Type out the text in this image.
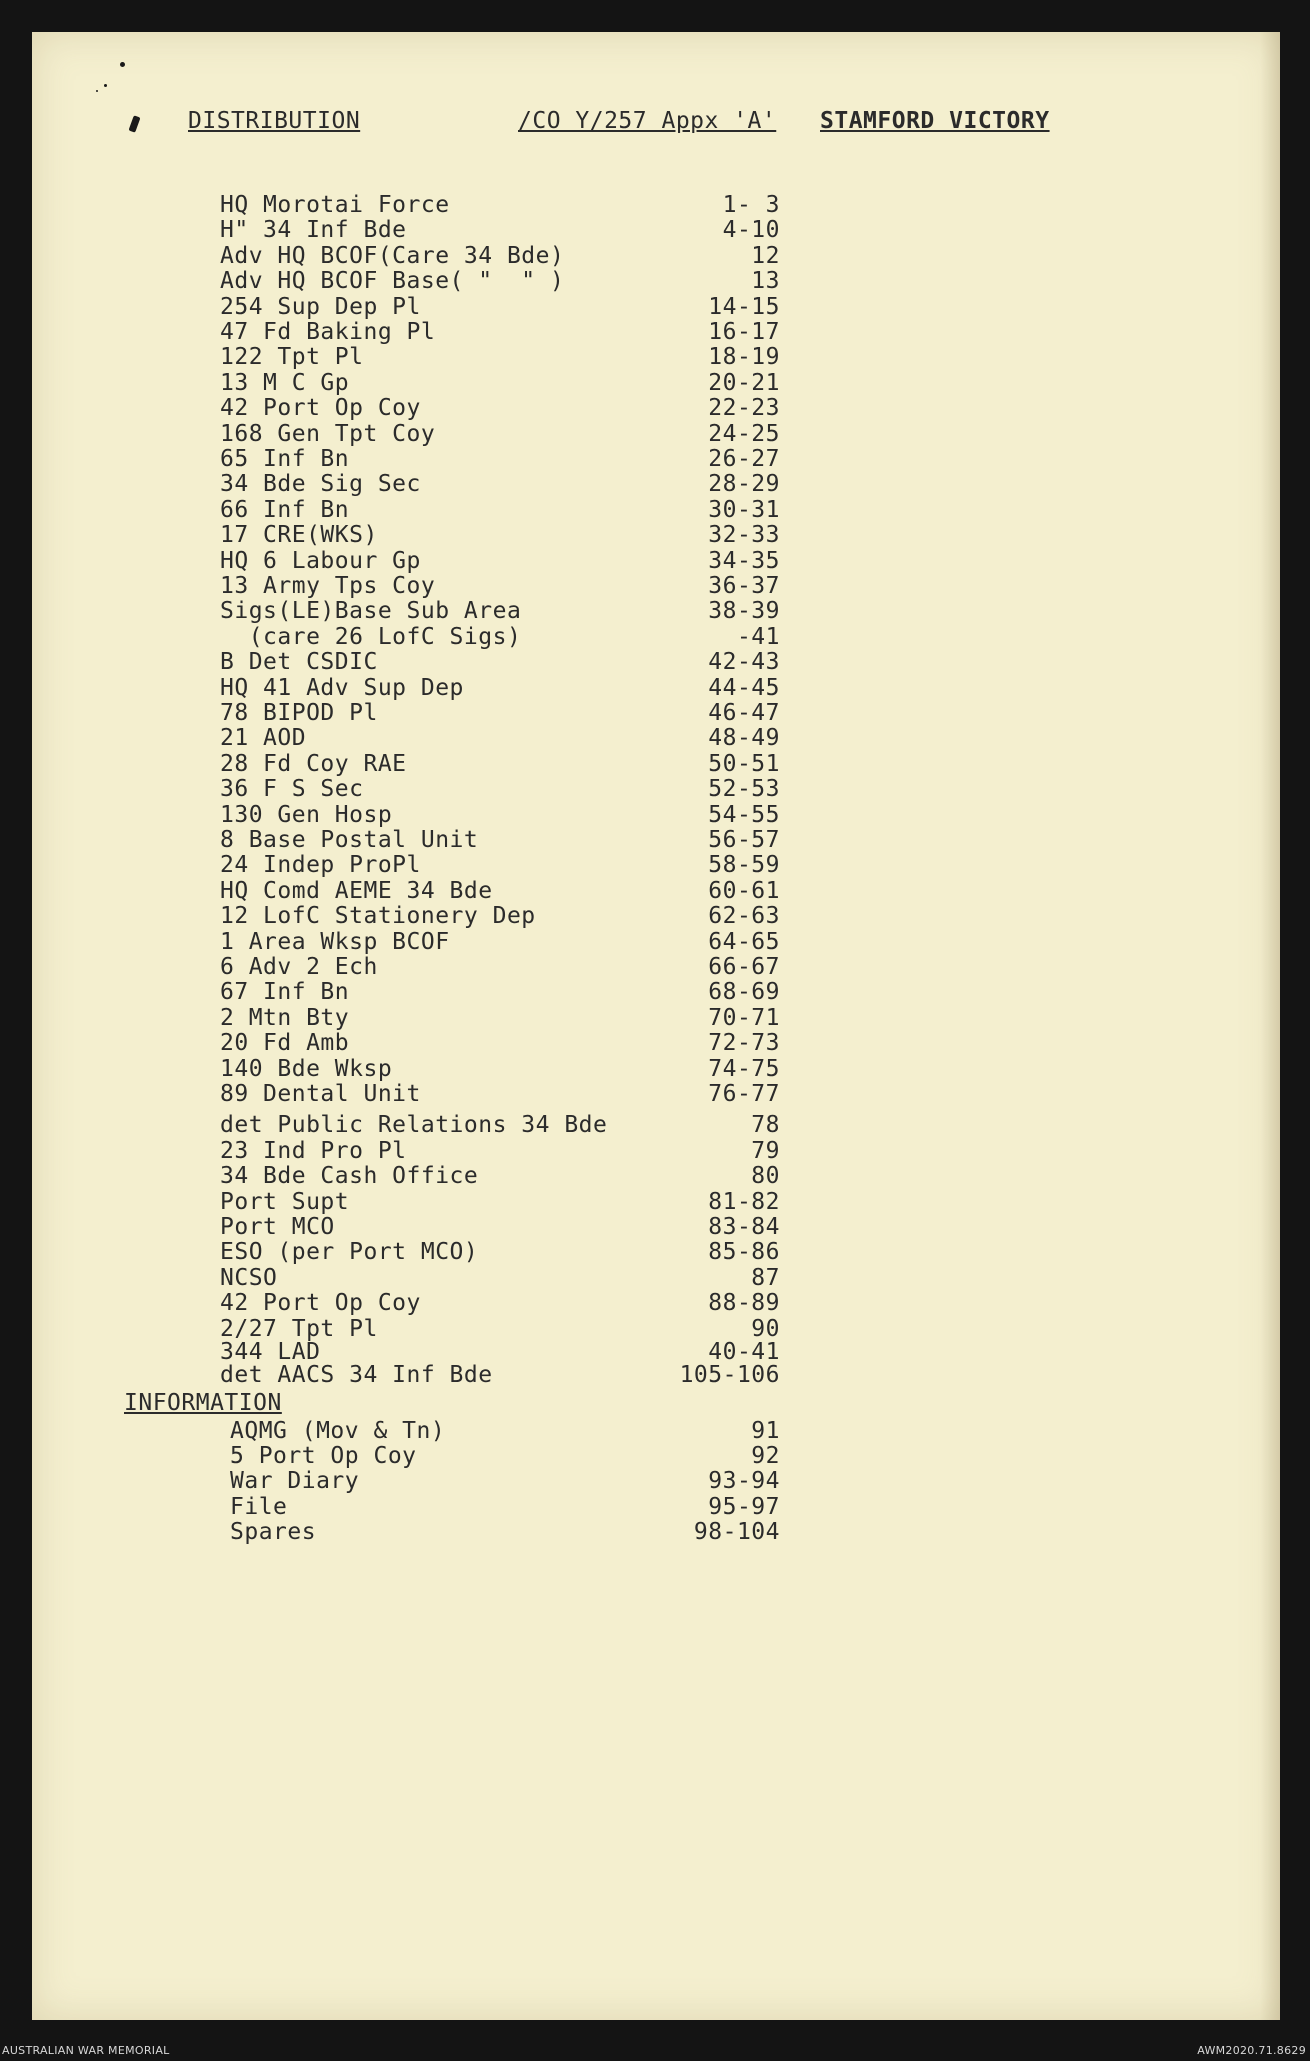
DISTRIBUTION	/CO Y/257 Appx 'A' STAMFORD VICTORY
HQ Morotai Force	1- 3
H" 34 Inf Bde	4-10
Adv HQ BCOF(Care 34 Bde)	12
Adv HQ BCOF Base( "  " )	13
254 Sup Dep Pl	14-15
47 Fd Baking Pl	16-17
122 Tpt Pl	18-19
13 M C Gp	20-21
42 Port Op Coy	22-23
168 Gen Tpt Coy	24-25
65 Inf Bn	26-27
34 Bde Sig Sec	28-29
66 Inf Bn	30-31
17 CRE(WKS)	32-33
HQ 6 Labour Gp	34-35
13 Army Tps Coy	36-37
Sigs(LE)Base Sub Area	38-39
(care 26 LofC Sigs)	-41
B Det CSDIC	42-43
HQ 41 Adv Sup Dep	44-45
78 BIPOD Pl	46-47
21 AOD	48-49
28 Fd Coy RAE	50-51
36 F S Sec	52-53
130 Gen Hosp	54-55
8 Base Postal Unit	56-57
24 Indep ProPl	58-59
HQ Comd AEME 34 Bde	60-61
12 LofC Stationery Dep	62-63
1 Area Wksp BCOF	64-65
6 Adv 2 Ech	66-67
67 Inf Bn	68-69
2 Mtn Bty	70-71
20 Fd Amb	72-73
140 Bde Wksp	74-75
89 Dental Unit	76-77
det Public Relations 34 Bde	78
23 Ind Pro Pl	79
34 Bde Cash Office	80
Port Supt	81-82
Port MCO	83-84
ESO (per Port MCO)	85-86
NCSO	87
42 Port Op Coy	88-89
2/27 Tpt Pl	90
344 LAD	40-41
det AACS 34 Inf Bde	105-106
INFORMATION
AQMG (Mov & Tn)	91
5 Port Op Coy	92
War Diary	93-94
File	95-97
Spares	98-104
AUSTRALIAN WAR MEMORIAL	AWM2020.71.8629
